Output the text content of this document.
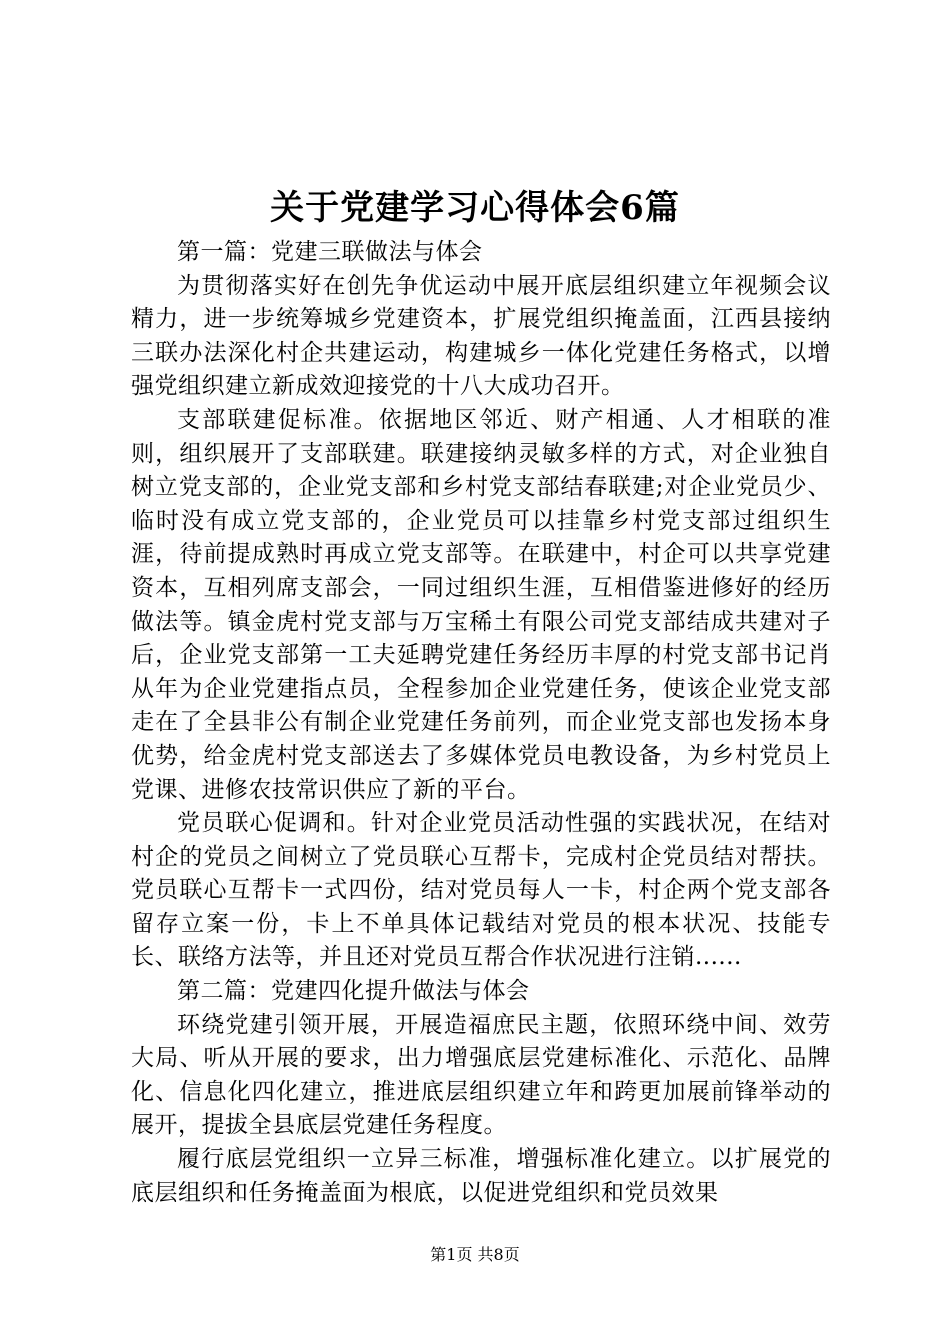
关于党建学习心得体会6篇

第一篇：党建三联做法与体会

为贯彻落实好在创先争优运动中展开底层组织建立年视频会议精力，进一步统筹城乡党建资本，扩展党组织掩盖面，江西县接纳三联办法深化村企共建运动，构建城乡一体化党建任务格式，以增强党组织建立新成效迎接党的十八大成功召开。

支部联建促标准。依据地区邻近、财产相通、人才相联的准则，组织展开了支部联建。联建接纳灵敏多样的方式，对企业独自树立党支部的，企业党支部和乡村党支部结春联建;对企业党员少、临时没有成立党支部的，企业党员可以挂靠乡村党支部过组织生涯，待前提成熟时再成立党支部等。在联建中，村企可以共享党建资本，互相列席支部会，一同过组织生涯，互相借鉴进修好的经历做法等。镇金虎村党支部与万宝稀土有限公司党支部结成共建对子后，企业党支部第一工夫延聘党建任务经历丰厚的村党支部书记肖从年为企业党建指点员，全程参加企业党建任务，使该企业党支部走在了全县非公有制企业党建任务前列，而企业党支部也发扬本身优势，给金虎村党支部送去了多媒体党员电教设备，为乡村党员上党课、进修农技常识供应了新的平台。

党员联心促调和。针对企业党员活动性强的实践状况，在结对村企的党员之间树立了党员联心互帮卡，完成村企党员结对帮扶。党员联心互帮卡一式四份，结对党员每人一卡，村企两个党支部各留存立案一份，卡上不单具体记载结对党员的根本状况、技能专长、联络方法等，并且还对党员互帮合作状况进行注销......

第二篇：党建四化提升做法与体会

环绕党建引领开展，开展造福庶民主题，依照环绕中间、效劳大局、听从开展的要求，出力增强底层党建标准化、示范化、品牌化、信息化四化建立，推进底层组织建立年和跨更加展前锋举动的展开，提拔全县底层党建任务程度。

履行底层党组织一立异三标准，增强标准化建立。以扩展党的底层组织和任务掩盖面为根底，以促进党组织和党员效果

第1页 共8页
